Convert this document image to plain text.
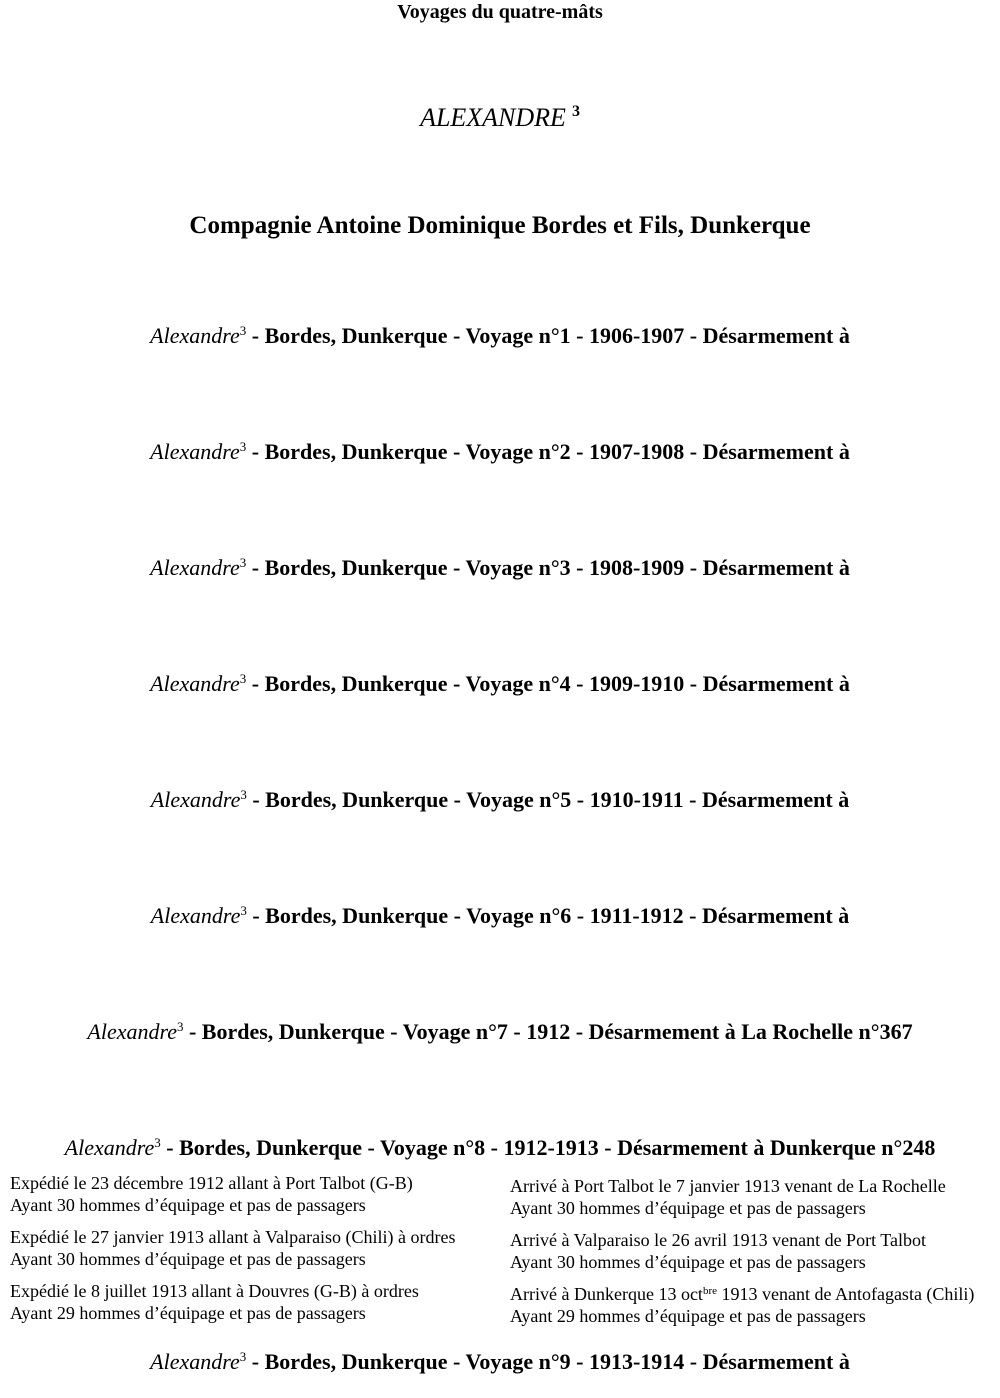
Voyages du quatre-mâts
ALEXANDRE $^3$
Compagnie Antoine Dominique Bordes et Fils, Dunkerque
Alexandre$^3$ - Bordes, Dunkerque - Voyage n°1 - 1906-1907 - Désarmement à
Alexandre$^3$ - Bordes, Dunkerque - Voyage n°2 - 1907-1908 - Désarmement à
Alexandre$^3$ - Bordes, Dunkerque - Voyage n°3 - 1908-1909 - Désarmement à
Alexandre$^3$ - Bordes, Dunkerque - Voyage n°4 - 1909-1910 - Désarmement à
Alexandre$^3$ - Bordes, Dunkerque - Voyage n°5 - 1910-1911 - Désarmement à
Alexandre$^3$ - Bordes, Dunkerque - Voyage n°6 - 1911-1912 - Désarmement à
Alexandre$^3$ - Bordes, Dunkerque - Voyage n°7 - 1912 - Désarmement à La Rochelle n°367
Alexandre$^3$ - Bordes, Dunkerque - Voyage n°8 - 1912-1913 - Désarmement à Dunkerque n°248
Expédié le 23 décembre 1912 allant à Port Talbot (G-B)
Ayant 30 hommes d’équipage et pas de passagers
Arrivé à Port Talbot le 7 janvier 1913 venant de La Rochelle
Ayant 30 hommes d’équipage et pas de passagers
Expédié le 27 janvier 1913 allant à Valparaiso (Chili) à ordres
Ayant 30 hommes d’équipage et pas de passagers
Arrivé à Valparaiso le 26 avril 1913 venant de Port Talbot
Ayant 30 hommes d’équipage et pas de passagers
Expédié le 8 juillet 1913 allant à Douvres (G-B) à ordres
Ayant 29 hommes d’équipage et pas de passagers
Arrivé à Dunkerque 13 oct$^{bre}$ 1913 venant de Antofagasta (Chili)
Ayant 29 hommes d’équipage et pas de passagers
Alexandre$^3$ - Bordes, Dunkerque - Voyage n°9 - 1913-1914 - Désarmement à
